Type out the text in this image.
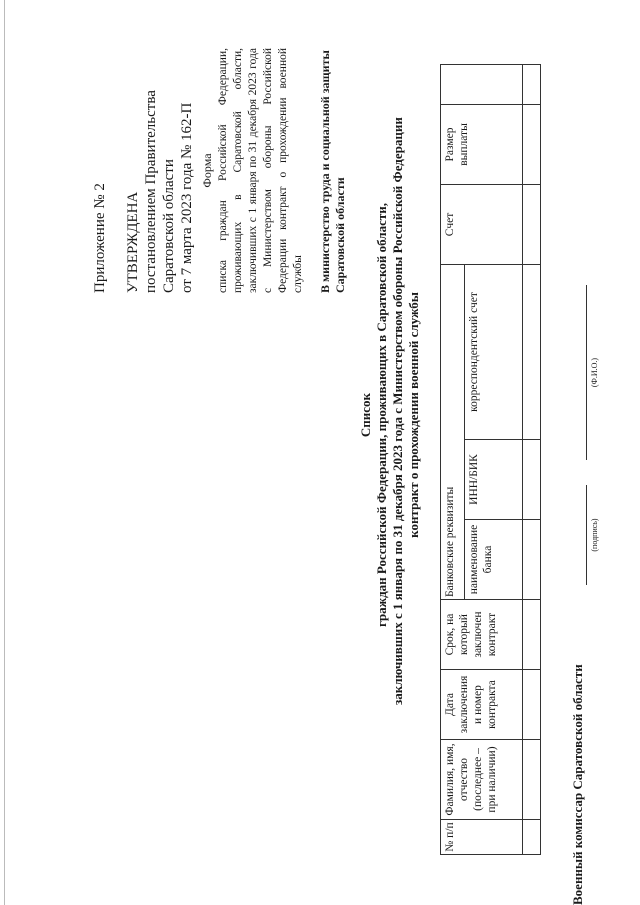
Приложение № 2 УТВЕРЖДЕНА постановлением Правительства Саратовской области от 7 марта 2023 года № 162-П Форма списка граждан Российской Федерации, проживающих в Саратовской области, заключивших с 1 января по 31 декабря 2023 года с Министерством обороны Российской Федерации контракт о прохождении военной службы В министерство труда и социальной защиты Саратовской области
Список граждан Российской Федерации, проживающих в Саратовской области, заключивших с 1 января по 31 декабря 2023 года с Министерством обороны Российской Федерации контракт о прохождении военной службы
№ п/п	Фамилия, имя, отчество (последнее – при наличии)	Дата заключения и номер контракта	Срок, на который заключен контракт	Банковские реквизиты			Счет	Размер выплаты	
				наименование банка	ИНН/БИК	корреспондентский счет			

Военный комиссар Саратовской области
(подпись)
(Ф.И.О.)
